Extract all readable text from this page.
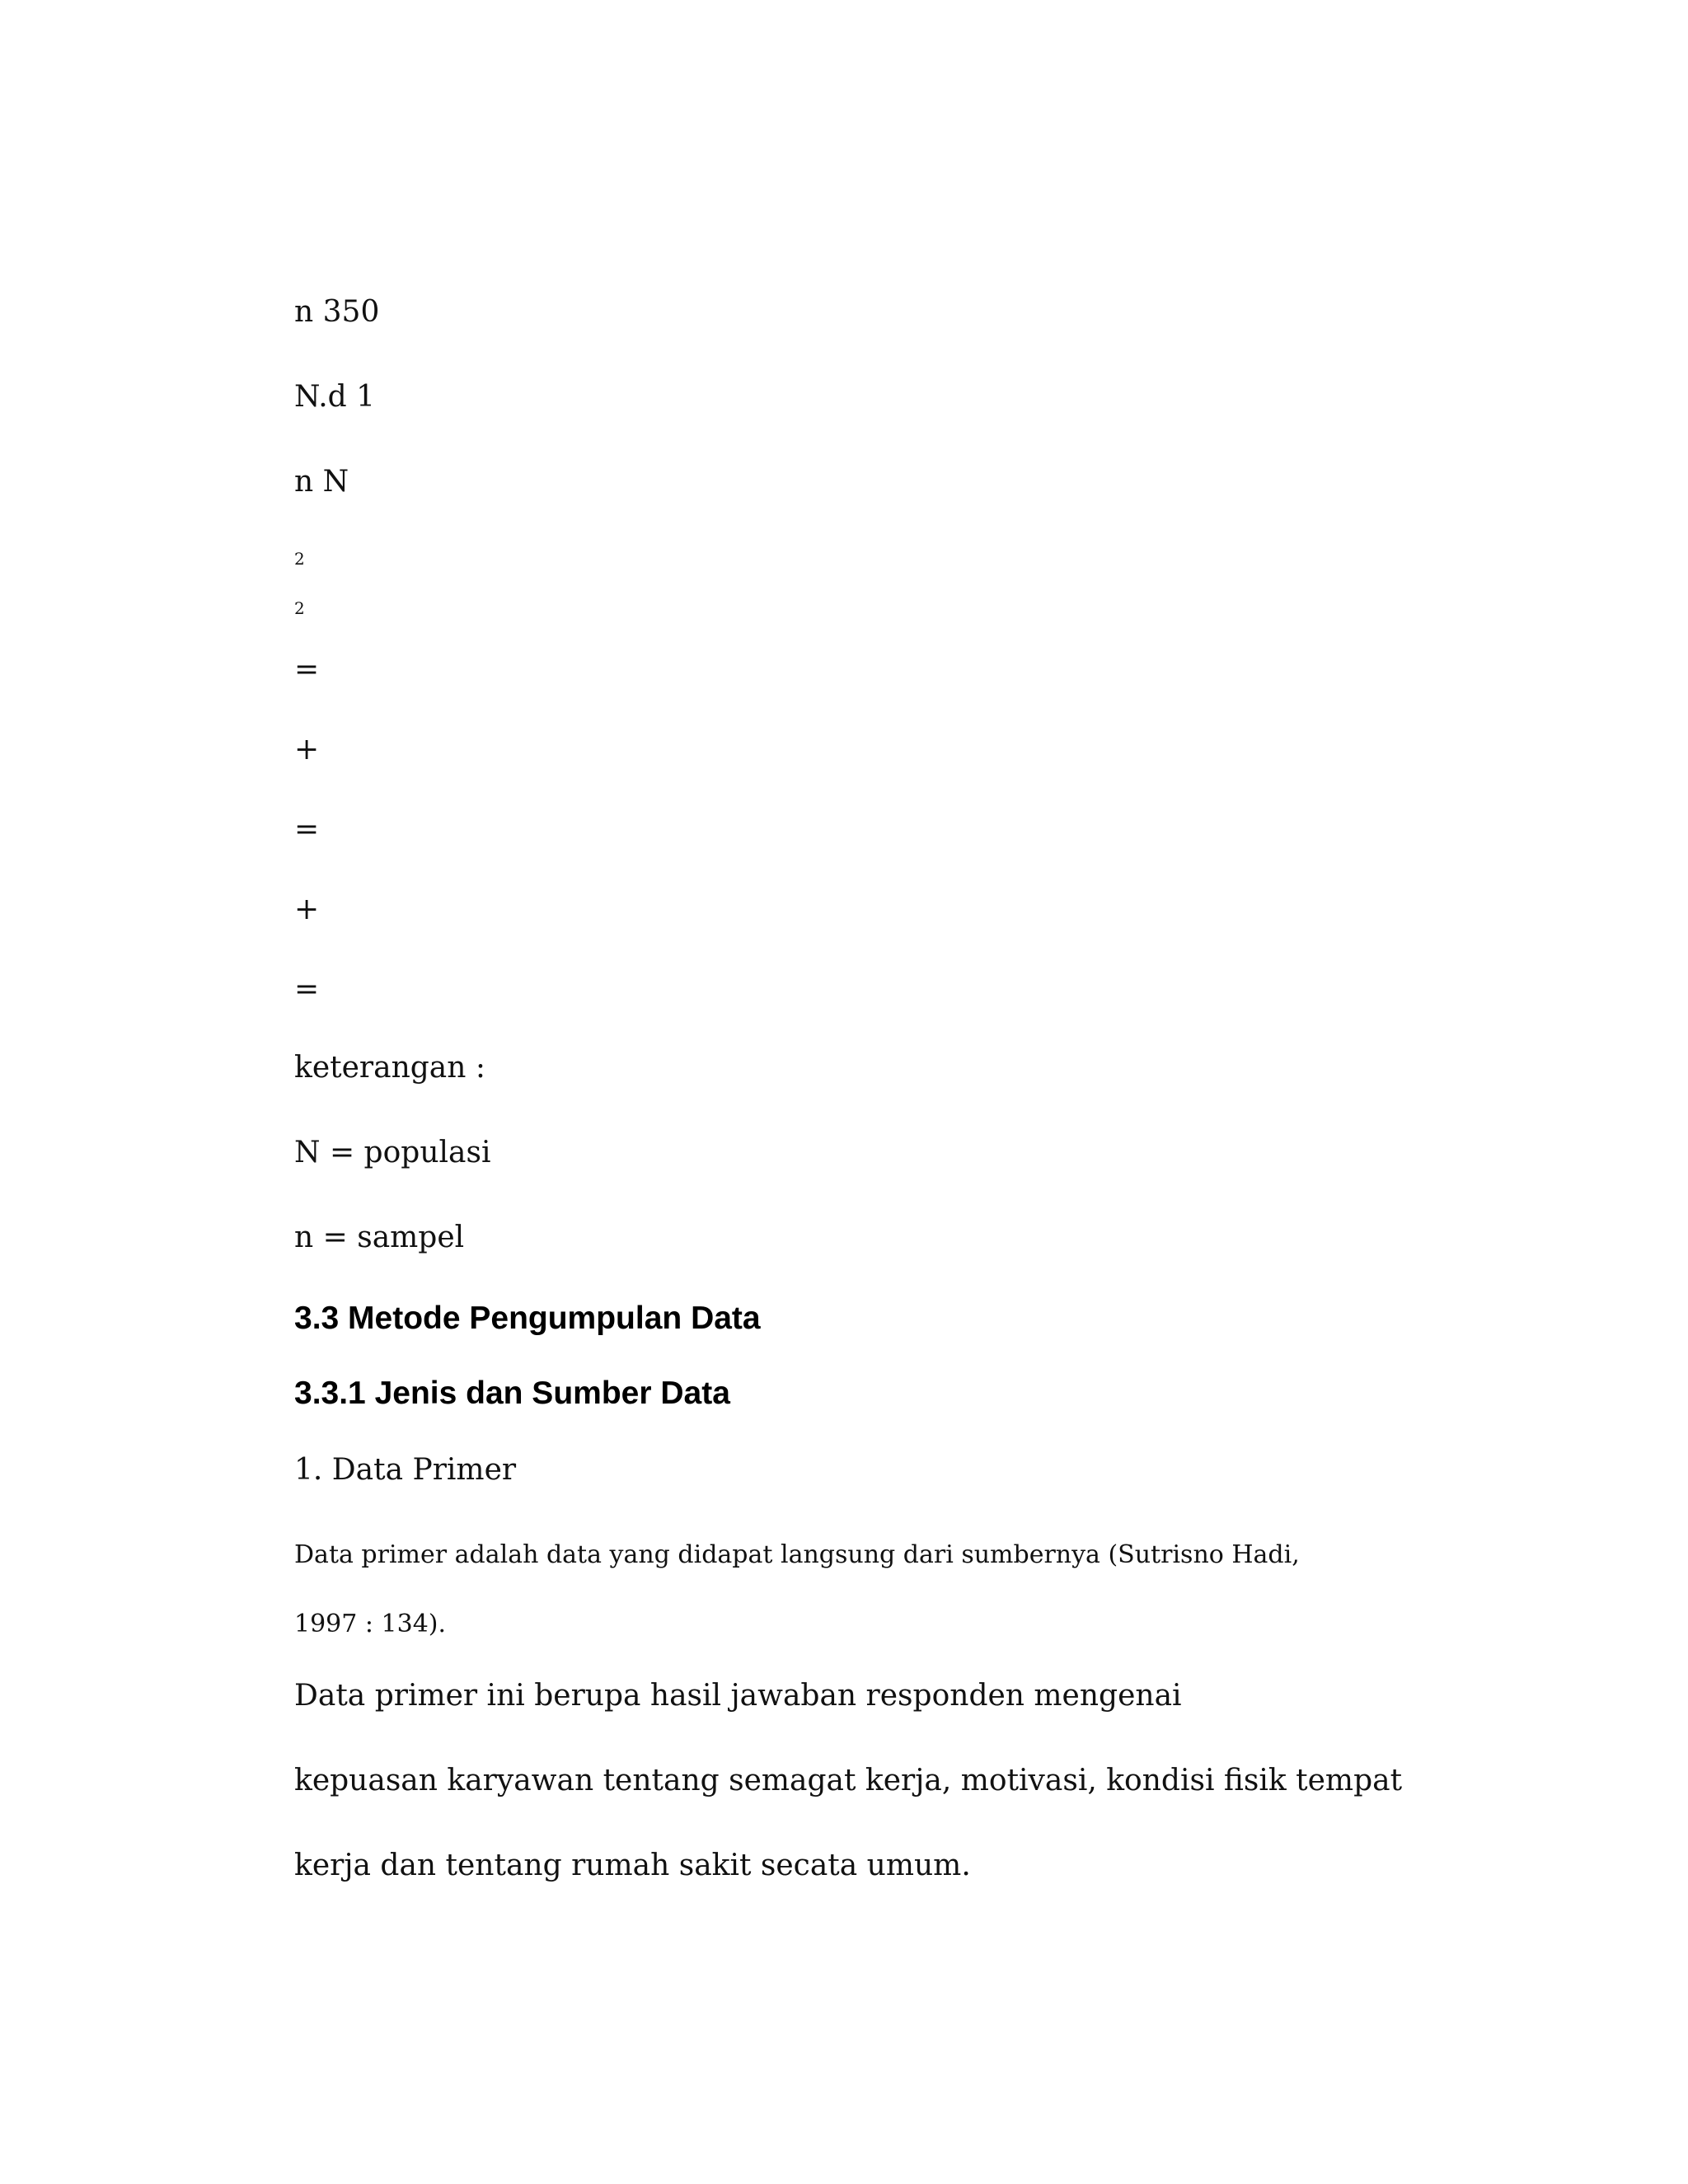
n 350
N.d 1
n N
2
2
=
+
=
+
=
keterangan :
N = populasi
n = sampel
3.3 Metode Pengumpulan Data
3.3.1 Jenis dan Sumber Data
1. Data Primer
Data primer adalah data yang didapat langsung dari sumbernya (Sutrisno Hadi,
1997 : 134).
Data primer ini berupa hasil jawaban responden mengenai
kepuasan karyawan tentang semagat kerja, motivasi, kondisi fisik tempat
kerja dan tentang rumah sakit secata umum.
